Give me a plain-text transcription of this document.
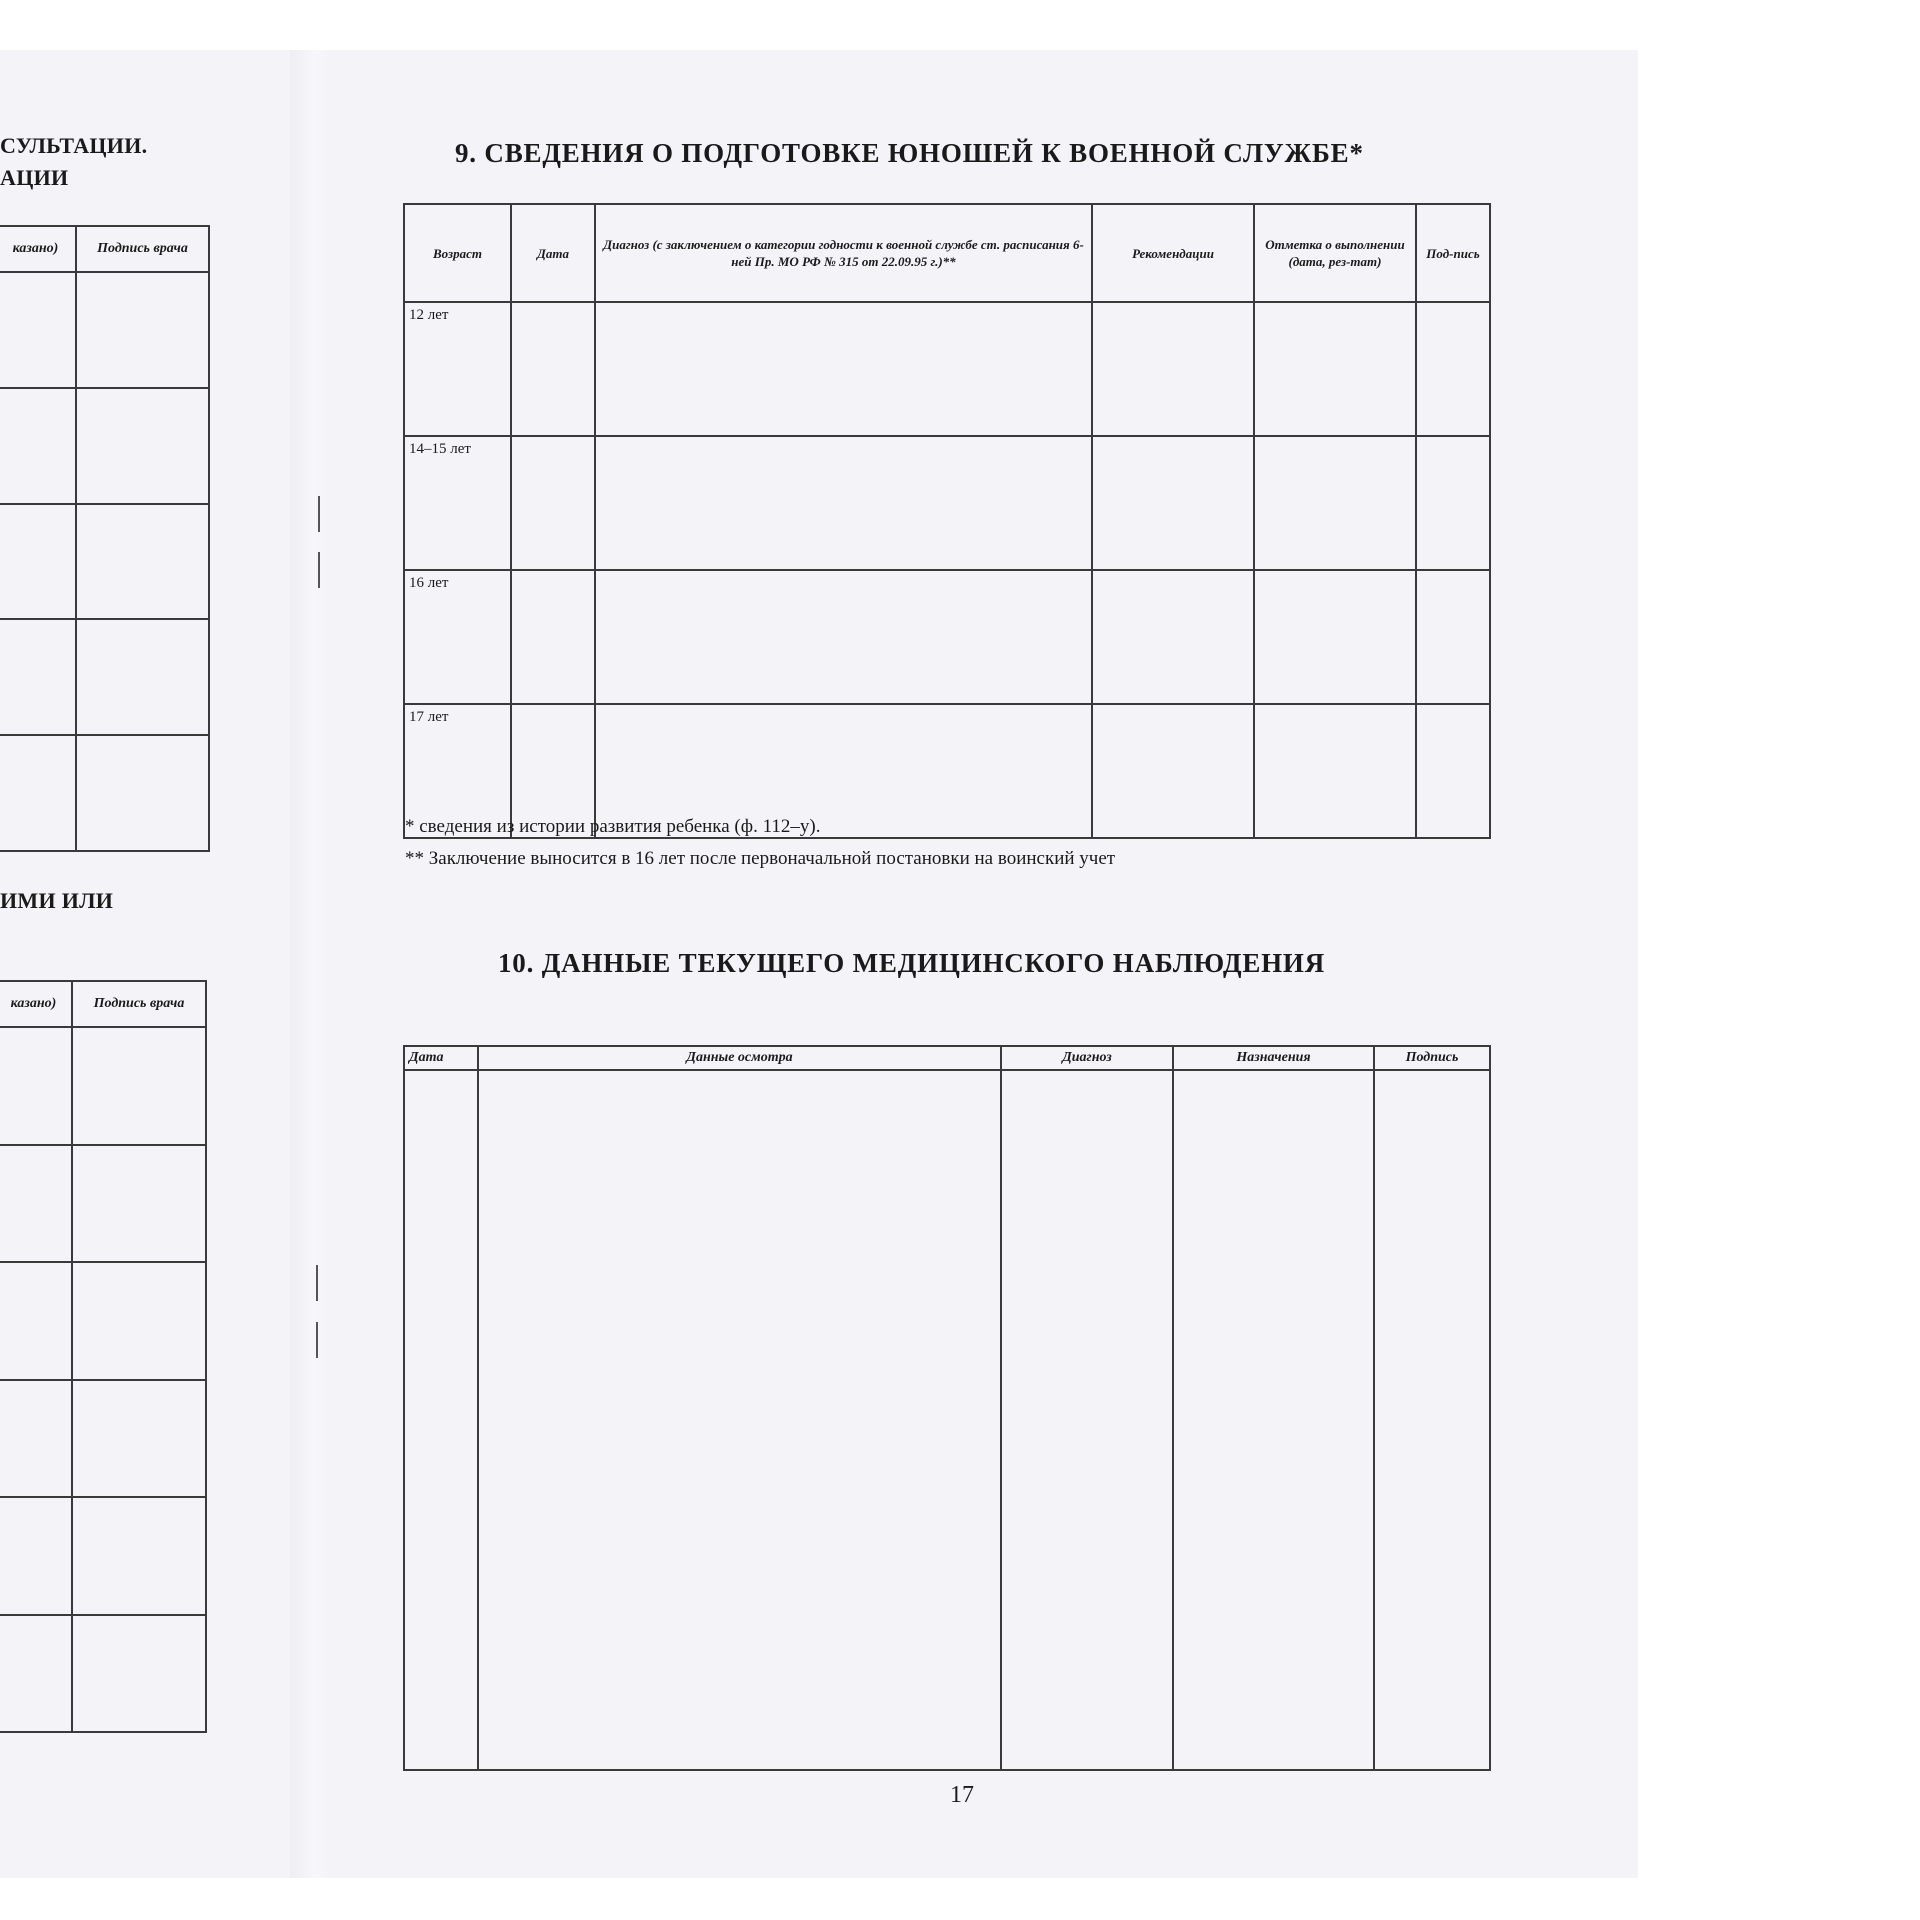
СУЛЬТАЦИИ.
АЦИИ
казано)	Подпись врача

ИМИ ИЛИ
казано)	Подпись врача

9. СВЕДЕНИЯ О ПОДГОТОВКЕ ЮНОШЕЙ К ВОЕННОЙ СЛУЖБЕ*
Возраст	Дата	Диагноз (с заключением о категории годности к военной службе ст. расписания 6-ней Пр. МО РФ № 315 от 22.09.95 г.)**	Рекомендации	Отметка о выполнении (дата, рез-тат)	Под-пись
12 лет					
14–15 лет					
16 лет					
17 лет					
* сведения из истории развития ребенка (ф. 112–у).
** Заключение выносится в 16 лет после первоначальной постановки на воинский учет
10. ДАННЫЕ ТЕКУЩЕГО МЕДИЦИНСКОГО НАБЛЮДЕНИЯ
Дата	Данные осмотра	Диагноз	Назначения	Подпись

17
